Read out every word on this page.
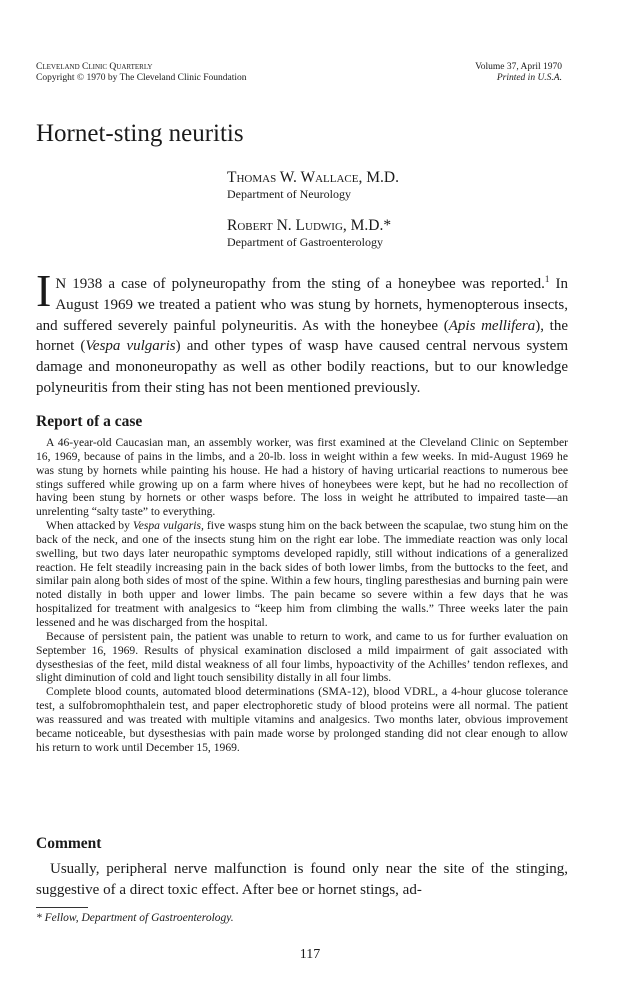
Cleveland Clinic Quarterly
Copyright © 1970 by The Cleveland Clinic Foundation
Volume 37, April 1970
Printed in U.S.A.
Hornet-sting neuritis
Thomas W. Wallace, M.D.
Department of Neurology
Robert N. Ludwig, M.D.*
Department of Gastroenterology

I N 1938 a case of polyneuropathy from the sting of a honeybee was reported.$^1$ In August 1969 we treated a patient who was stung by hornets, hymenopterous insects, and suffered severely painful polyneuritis. As with the honeybee (Apis mellifera), the hornet (Vespa vulgaris) and other types of wasp have caused central nervous system damage and mononeuropathy as well as other bodily reactions, but to our knowledge polyneuritis from their sting has not been mentioned previously.

Report of a case

A 46-year-old Caucasian man, an assembly worker, was first examined at the Cleveland Clinic on September 16, 1969, because of pains in the limbs, and a 20-lb. loss in weight within a few weeks. In mid-August 1969 he was stung by hornets while painting his house. He had a history of having urticarial reactions to numerous bee stings suffered while growing up on a farm where hives of honeybees were kept, but he had no recollection of having been stung by hornets or other wasps before. The loss in weight he attributed to impaired taste—an unrelenting “salty taste” to everything.

When attacked by Vespa vulgaris, five wasps stung him on the back between the scapulae, two stung him on the back of the neck, and one of the insects stung him on the right ear lobe. The immediate reaction was only local swelling, but two days later neuropathic symptoms developed rapidly, still without indications of a generalized reaction. He felt steadily increasing pain in the back sides of both lower limbs, from the buttocks to the feet, and similar pain along both sides of most of the spine. Within a few hours, tingling paresthesias and burning pain were noted distally in both upper and lower limbs. The pain became so severe within a few days that he was hospitalized for treatment with analgesics to “keep him from climbing the walls.” Three weeks later the pain lessened and he was discharged from the hospital.

Because of persistent pain, the patient was unable to return to work, and came to us for further evaluation on September 16, 1969. Results of physical examination disclosed a mild impairment of gait associated with dysesthesias of the feet, mild distal weakness of all four limbs, hypoactivity of the Achilles’ tendon reflexes, and slight diminution of cold and light touch sensibility distally in all four limbs.

Complete blood counts, automated blood determinations (SMA-12), blood VDRL, a 4-hour glucose tolerance test, a sulfobromophthalein test, and paper electrophoretic study of blood proteins were all normal. The patient was reassured and was treated with multiple vitamins and analgesics. Two months later, obvious improvement became noticeable, but dysesthesias with pain made worse by prolonged standing did not clear enough to allow his return to work until December 15, 1969.

Comment

Usually, peripheral nerve malfunction is found only near the site of the stinging, suggestive of a direct toxic effect. After bee or hornet stings, ad-

* Fellow, Department of Gastroenterology.
117
